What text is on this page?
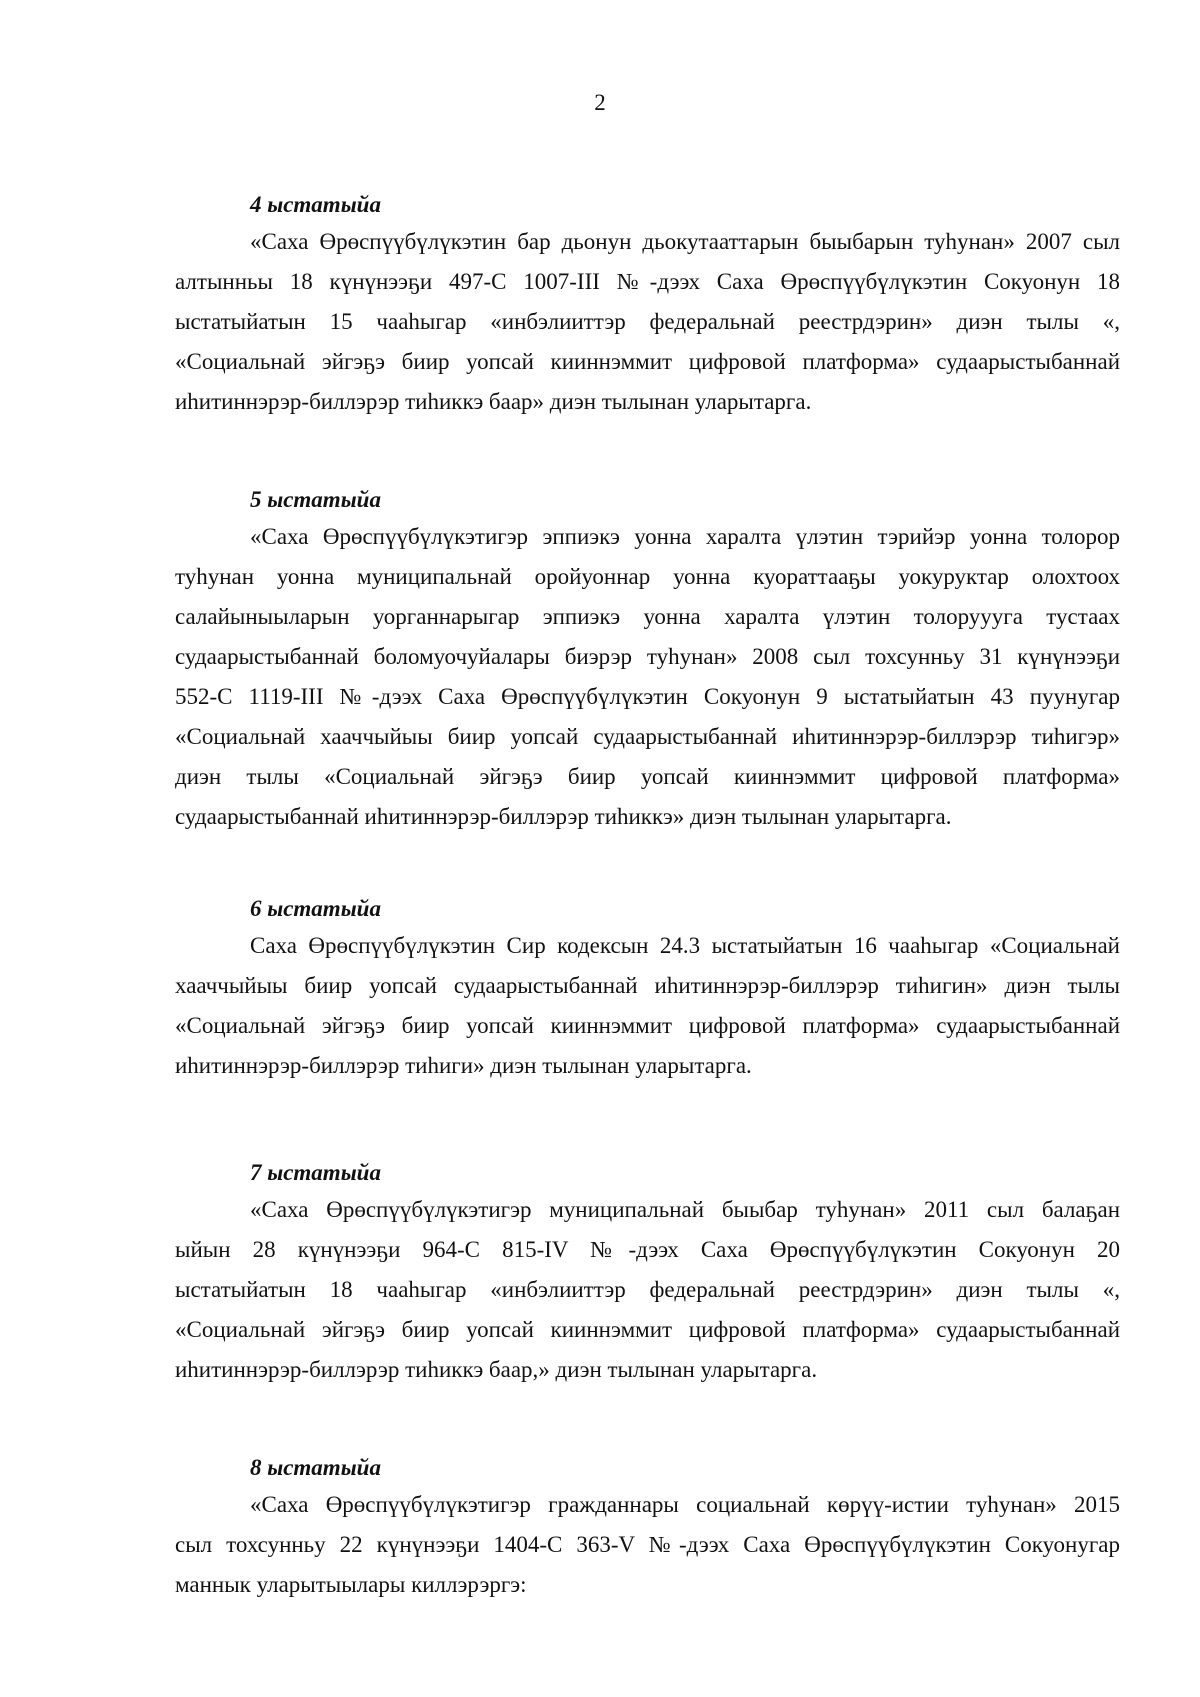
2
4 ыстатыйа
«Саха Өрөспүүбүлүкэтин бар дьонун дьокутааттарын быыбарын туһунан» 2007 сыл
алтынньы 18 күнүнээҕи 497-С 1007-III №-дээх Саха Өрөспүүбүлүкэтин Сокуонун 18
ыстатыйатын 15 чааһыгар «инбэлииттэр федеральнай реестрдэрин» диэн тылы «,
«Социальнай эйгэҕэ биир уопсай кииннэммит цифровой платформа» судаарыстыбаннай
иһитиннэрэр-биллэрэр тиһиккэ баар» диэн тылынан уларытарга.
5 ыстатыйа
«Саха Өрөспүүбүлүкэтигэр эппиэкэ уонна харалта үлэтин тэрийэр уонна толорор
туһунан уонна муниципальнай оройуоннар уонна куораттааҕы уокуруктар олохтоох
салайыныыларын уорганнарыгар эппиэкэ уонна харалта үлэтин толоруууга тустаах
судаарыстыбаннай боломуочуйалары биэрэр туһунан» 2008 сыл тохсунньу 31 күнүнээҕи
552-С 1119-III №-дээх Саха Өрөспүүбүлүкэтин Сокуонун 9 ыстатыйатын 43 пуунугар
«Социальнай хааччыйыы биир уопсай судаарыстыбаннай иһитиннэрэр-биллэрэр тиһигэр»
диэн тылы «Социальнай эйгэҕэ биир уопсай кииннэммит цифровой платформа»
судаарыстыбаннай иһитиннэрэр-биллэрэр тиһиккэ» диэн тылынан уларытарга.
6 ыстатыйа
Саха Өрөспүүбүлүкэтин Сир кодексын 24.3 ыстатыйатын 16 чааһыгар «Социальнай
хааччыйыы биир уопсай судаарыстыбаннай иһитиннэрэр-биллэрэр тиһигин» диэн тылы
«Социальнай эйгэҕэ биир уопсай кииннэммит цифровой платформа» судаарыстыбаннай
иһитиннэрэр-биллэрэр тиһиги» диэн тылынан уларытарга.
7 ыстатыйа
«Саха Өрөспүүбүлүкэтигэр муниципальнай быыбар туһунан» 2011 сыл балаҕан
ыйын 28 күнүнээҕи 964-С 815-IV №-дээх Саха Өрөспүүбүлүкэтин Сокуонун 20
ыстатыйатын 18 чааһыгар «инбэлииттэр федеральнай реестрдэрин» диэн тылы «,
«Социальнай эйгэҕэ биир уопсай кииннэммит цифровой платформа» судаарыстыбаннай
иһитиннэрэр-биллэрэр тиһиккэ баар,» диэн тылынан уларытарга.
8 ыстатыйа
«Саха Өрөспүүбүлүкэтигэр гражданнары социальнай көрүү-истии туһунан» 2015
сыл тохсунньу 22 күнүнээҕи 1404-С 363-V №-дээх Саха Өрөспүүбүлүкэтин Сокуонугар
маннык уларытыылары киллэрэргэ:
